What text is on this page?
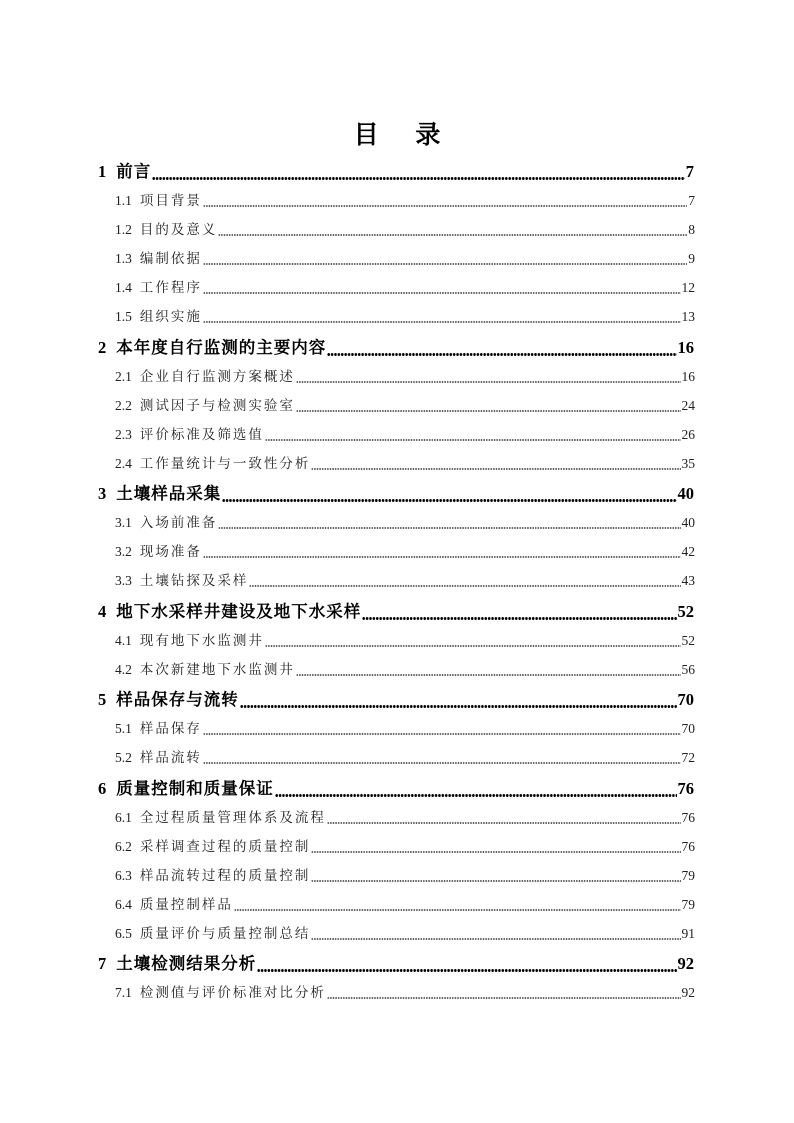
目 录
1 前言	7
1.1 项目背景	7
1.2 目的及意义	8
1.3 编制依据	9
1.4 工作程序	12
1.5 组织实施	13
2 本年度自行监测的主要内容	16
2.1 企业自行监测方案概述	16
2.2 测试因子与检测实验室	24
2.3 评价标准及筛选值	26
2.4 工作量统计与一致性分析	35
3 土壤样品采集	40
3.1 入场前准备	40
3.2 现场准备	42
3.3 土壤钻探及采样	43
4 地下水采样井建设及地下水采样	52
4.1 现有地下水监测井	52
4.2 本次新建地下水监测井	56
5 样品保存与流转	70
5.1 样品保存	70
5.2 样品流转	72
6 质量控制和质量保证	76
6.1 全过程质量管理体系及流程	76
6.2 采样调查过程的质量控制	76
6.3 样品流转过程的质量控制	79
6.4 质量控制样品	79
6.5 质量评价与质量控制总结	91
7 土壤检测结果分析	92
7.1 检测值与评价标准对比分析	92
